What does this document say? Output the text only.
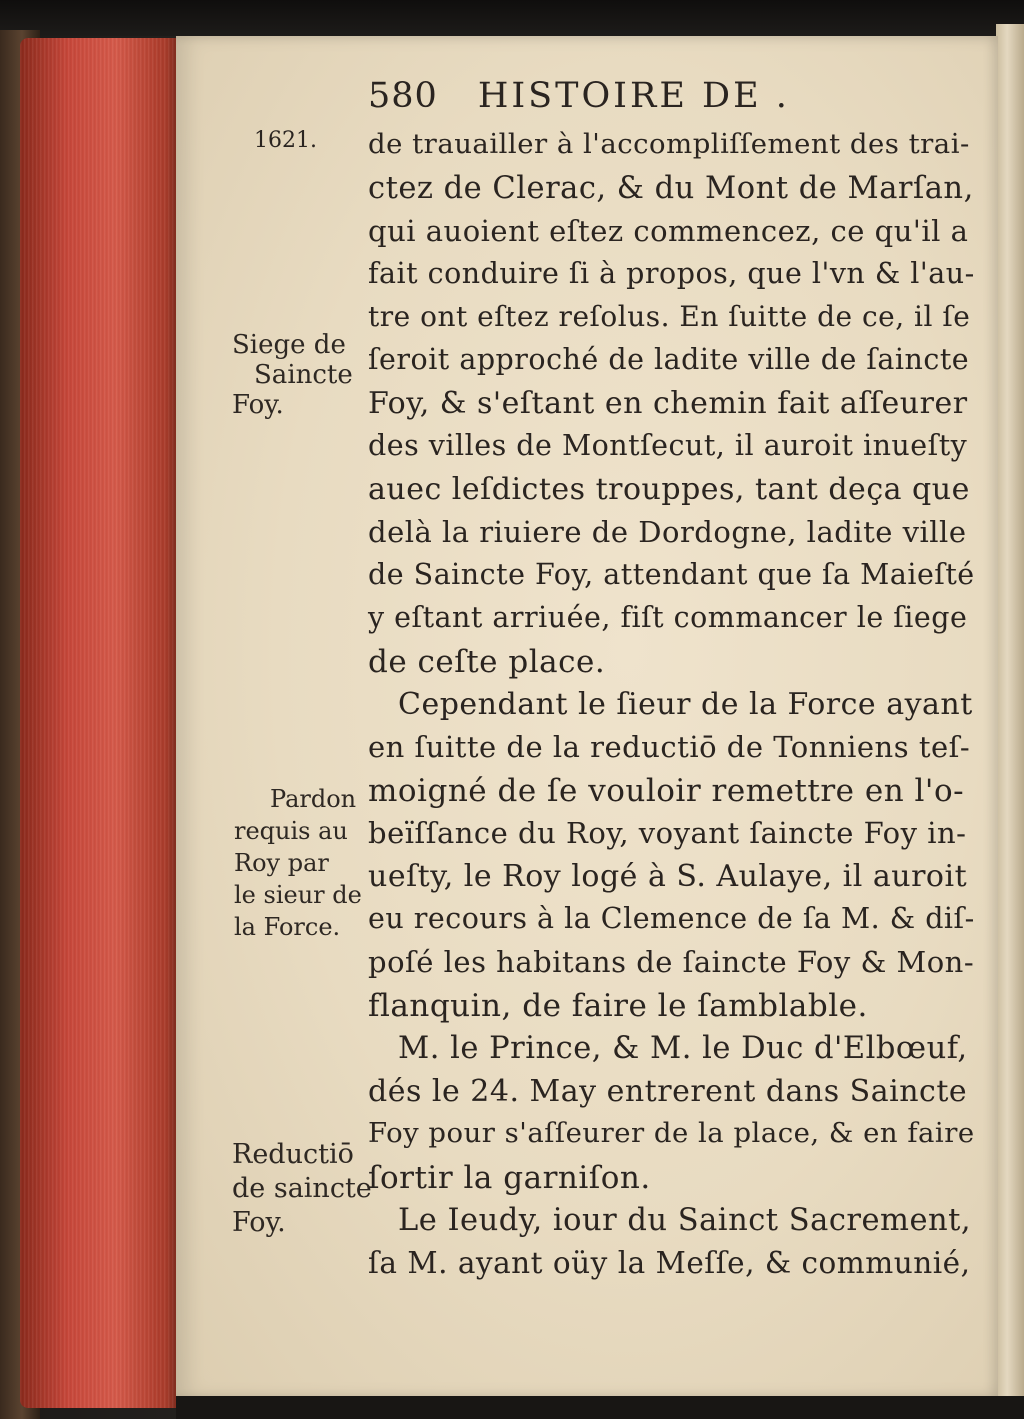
580 HISTOIRE DE .
1621.
Siege de
Saincte
Foy.
Pardon
requis au
Roy par
le sieur de
la Force.
Reductiō
de saincte
Foy.
de trauailler à l'accompliſſement des trai-
ctez de Clerac, & du Mont de Marſan,
qui auoient eſtez commencez, ce qu'il a
fait conduire ſi à propos, que l'vn & l'au-
tre ont eſtez reſolus. En ſuitte de ce, il ſe
ſeroit approché de ladite ville de ſaincte
Foy, & s'eſtant en chemin fait aſſeurer
des villes de Montſecut, il auroit inueſty
auec leſdictes trouppes, tant deça que
delà la riuiere de Dordogne, ladite ville
de Saincte Foy, attendant que ſa Maieſté
y eſtant arriuée, fiſt commancer le ſiege
de ceſte place.
Cependant le ſieur de la Force ayant
en ſuitte de la reductiō de Tonniens teſ-
moigné de ſe vouloir remettre en l'o-
beïſſance du Roy, voyant ſaincte Foy in-
ueſty, le Roy logé à S. Aulaye, il auroit
eu recours à la Clemence de ſa M. & diſ-
poſé les habitans de ſaincte Foy & Mon-
flanquin, de faire le ſamblable.
M. le Prince, & M. le Duc d'Elbœuf,
dés le 24. May entrerent dans Saincte
Foy pour s'aſſeurer de la place, & en faire
ſortir la garniſon.
Le Ieudy, iour du Sainct Sacrement,
ſa M. ayant oüy la Meſſe, & communié,
